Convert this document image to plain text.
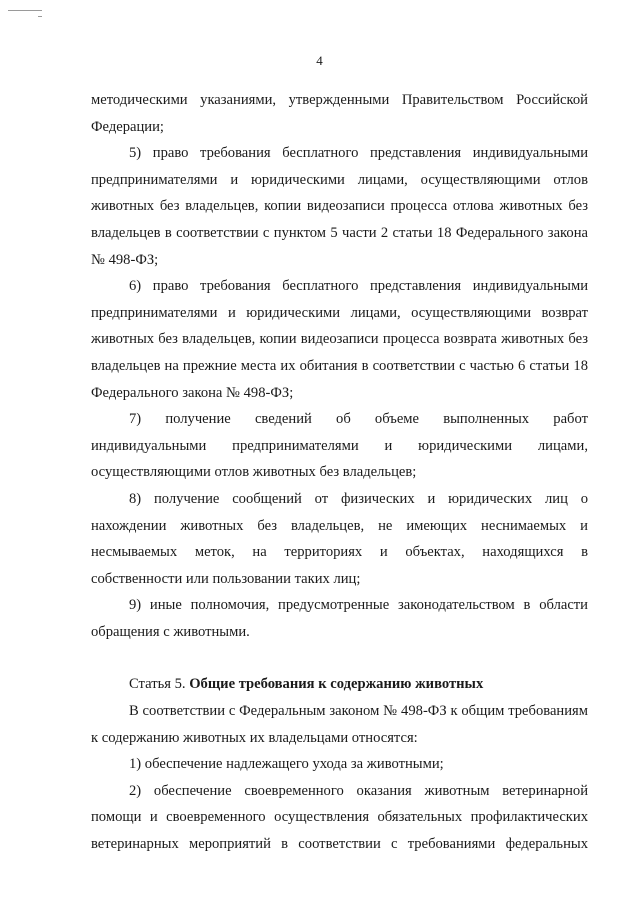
4

методическими указаниями, утвержденными Правительством Российской Федерации;

5) право требования бесплатного представления индивидуальными предпринимателями и юридическими лицами, осуществляющими отлов животных без владельцев, копии видеозаписи процесса отлова животных без владельцев в соответствии с пунктом 5 части 2 статьи 18 Федерального закона № 498-ФЗ;

6) право требования бесплатного представления индивидуальными предпринимателями и юридическими лицами, осуществляющими возврат животных без владельцев, копии видеозаписи процесса возврата животных без владельцев на прежние места их обитания в соответствии с частью 6 статьи 18 Федерального закона № 498-ФЗ;

7) получение сведений об объеме выполненных работ

индивидуальными предпринимателями и юридическими лицами,

осуществляющими отлов животных без владельцев;

8) получение сообщений от физических и юридических лиц о

нахождении животных без владельцев, не имеющих неснимаемых и

несмываемых меток, на территориях и объектах, находящихся в

собственности или пользовании таких лиц;

9) иные полномочия, предусмотренные законодательством в области обращения с животными.

Статья 5. Общие требования к содержанию животных

В соответствии с Федеральным законом № 498-ФЗ к общим требованиям к содержанию животных их владельцами относятся:

1) обеспечение надлежащего ухода за животными;

2) обеспечение своевременного оказания животным ветеринарной помощи и своевременного осуществления обязательных профилактических ветеринарных мероприятий в соответствии с требованиями федеральных
